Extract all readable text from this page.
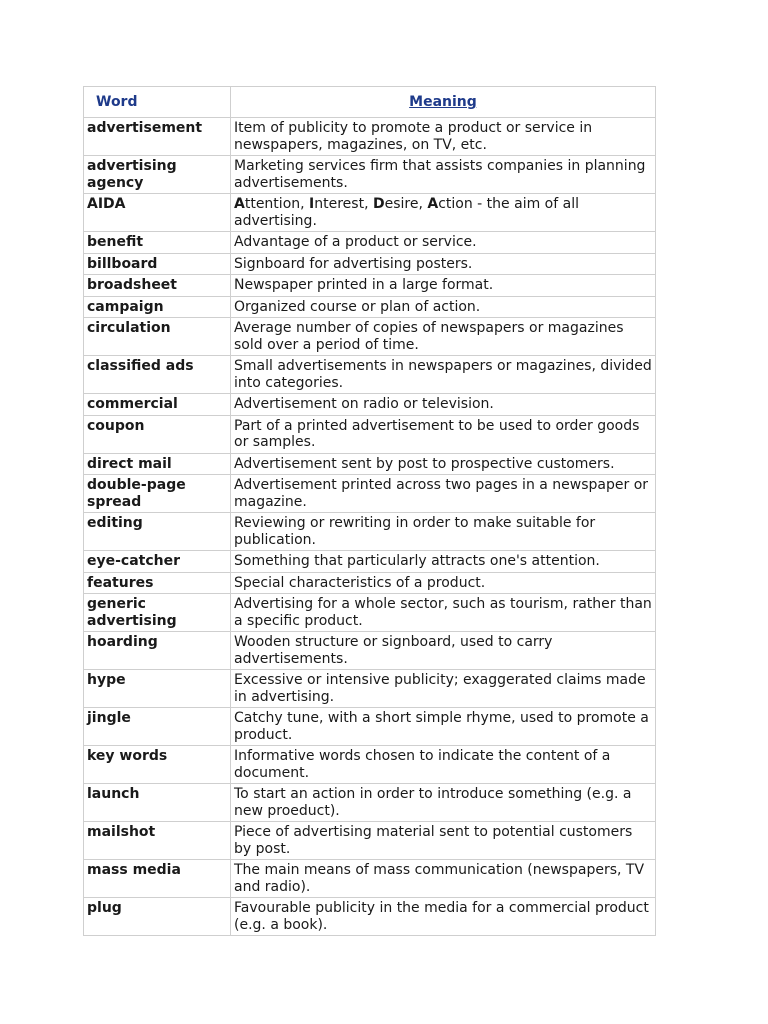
Word	Meaning
advertisement	Item of publicity to promote a product or service in newspapers, magazines, on TV, etc.
advertising agency	Marketing services firm that assists companies in planning advertisements.
AIDA	Attention, Interest, Desire, Action - the aim of all advertising.
benefit	Advantage of a product or service.
billboard	Signboard for advertising posters.
broadsheet	Newspaper printed in a large format.
campaign	Organized course or plan of action.
circulation	Average number of copies of newspapers or magazines sold over a period of time.
classified ads	Small advertisements in newspapers or magazines, divided into categories.
commercial	Advertisement on radio or television.
coupon	Part of a printed advertisement to be used to order goods or samples.
direct mail	Advertisement sent by post to prospective customers.
double-page spread	Advertisement printed across two pages in a newspaper or magazine.
editing	Reviewing or rewriting in order to make suitable for publication.
eye-catcher	Something that particularly attracts one's attention.
features	Special characteristics of a product.
generic advertising	Advertising for a whole sector, such as tourism, rather than a specific product.
hoarding	Wooden structure or signboard, used to carry advertisements.
hype	Excessive or intensive publicity; exaggerated claims made in advertising.
jingle	Catchy tune, with a short simple rhyme, used to promote a product.
key words	Informative words chosen to indicate the content of a document.
launch	To start an action in order to introduce something (e.g. a new proeduct).
mailshot	Piece of advertising material sent to potential customers by post.
mass media	The main means of mass communication (newspapers, TV and radio).
plug	Favourable publicity in the media for a commercial product (e.g. a book).
